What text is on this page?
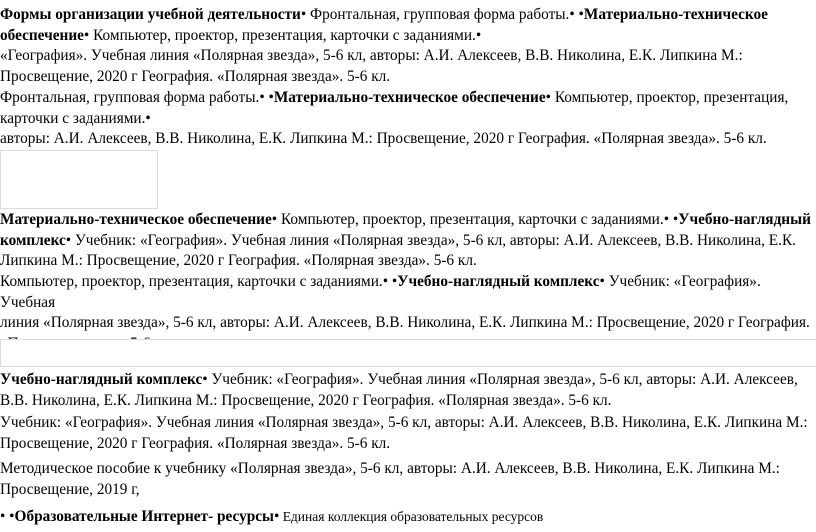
Формы организации учебной деятельности• Фронтальная, групповая форма работы.• •Материально-техническое
обеспечение• Компьютер, проектор, презентация, карточки с заданиями.•
«География». Учебная линия «Полярная звезда», 5-6 кл, авторы: А.И. Алексеев, В.В. Николина, Е.К. Липкина М.:
Просвещение, 2020 г География. «Полярная звезда». 5-6 кл.
Фронтальная, групповая форма работы.• •Материально-техническое обеспечение• Компьютер, проектор, презентация,
карточки с заданиями.•
авторы: А.И. Алексеев, В.В. Николина, Е.К. Липкина М.: Просвещение, 2020 г География. «Полярная звезда». 5-6 кл.
Материально-техническое обеспечение• Компьютер, проектор, презентация, карточки с заданиями.• •Учебно-наглядный
комплекс• Учебник: «География». Учебная линия «Полярная звезда», 5-6 кл, авторы: А.И. Алексеев, В.В. Николина, Е.К.
Липкина М.: Просвещение, 2020 г География. «Полярная звезда». 5-6 кл.
Компьютер, проектор, презентация, карточки с заданиями.• •Учебно-наглядный комплекс• Учебник: «География». Учебная
линия «Полярная звезда», 5-6 кл, авторы: А.И. Алексеев, В.В. Николина, Е.К. Липкина М.: Просвещение, 2020 г География.
Учебно-наглядный комплекс• Учебник: «География». Учебная линия «Полярная звезда», 5-6 кл, авторы: А.И. Алексеев,
В.В. Николина, Е.К. Липкина М.: Просвещение, 2020 г География. «Полярная звезда». 5-6 кл.
Учебник: «География». Учебная линия «Полярная звезда», 5-6 кл, авторы: А.И. Алексеев, В.В. Николина, Е.К. Липкина М.:
Просвещение, 2020 г География. «Полярная звезда». 5-6 кл.
Методическое пособие к учебнику «Полярная звезда», 5-6 кл, авторы: А.И. Алексеев, В.В. Николина, Е.К. Липкина М.:
Просвещение, 2019 г,
• •Образовательные Интернет- ресурсы• Единая коллекция образовательных ресурсов
